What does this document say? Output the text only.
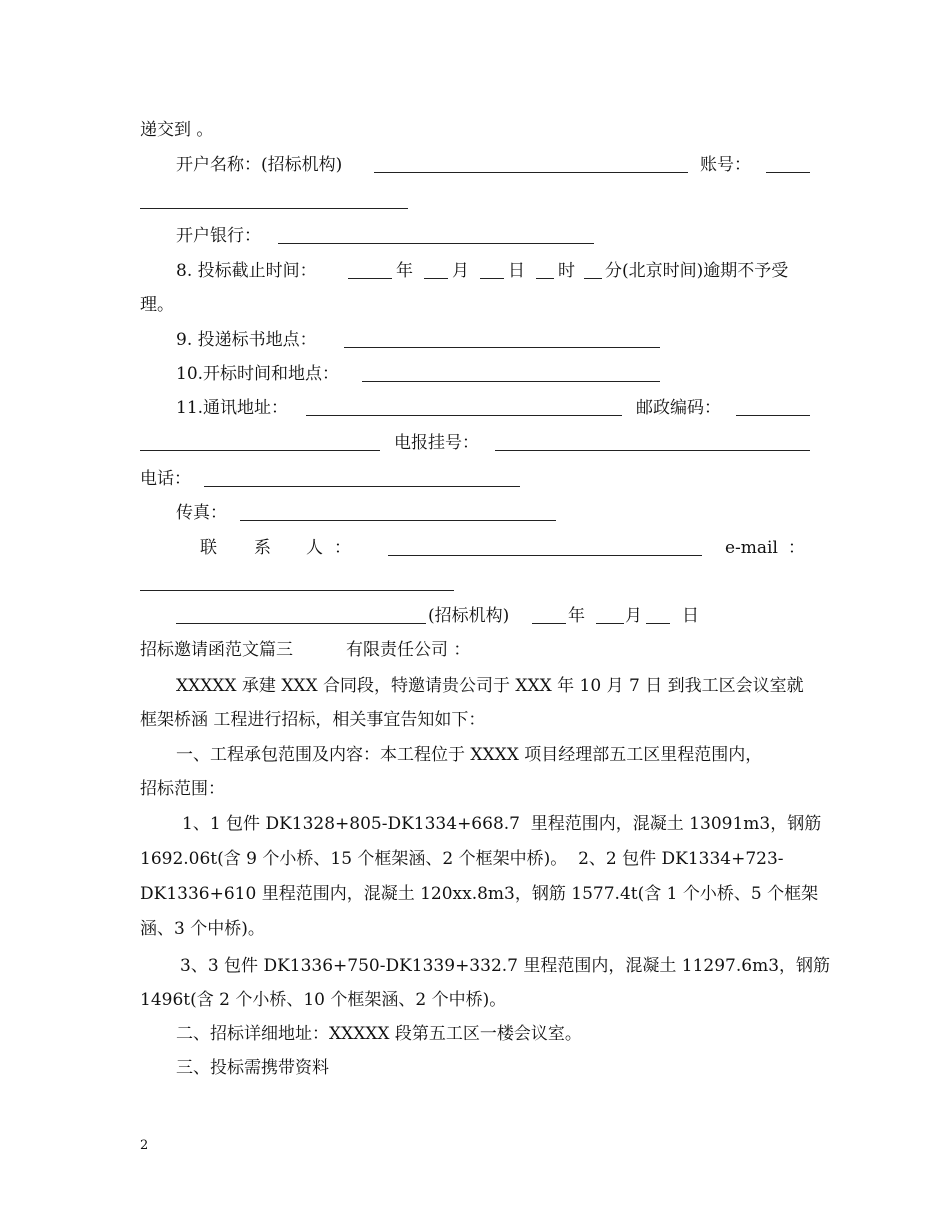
递交到 。
开户名称：(招标机构)	账号：
开户银行：
8. 投标截止时间：	年 月 日 时 分(北京时间)逾期不予受
理。
9. 投递标书地点：
10.开标时间和地点：
11.通讯地址：	邮政编码：
电报挂号：
电话：
传真：
联 系 人 ：	e-mail ：
(招标机构)	年 月 日
招标邀请函范文篇三	有限责任公司 ：
XXXXX 承建 XXX 合同段，特邀请贵公司于 XXX 年 10 月 7 日 到我工区会议室就
框架桥涵 工程进行招标，相关事宜告知如下：
一、工程承包范围及内容：本工程位于 XXXX 项目经理部五工区里程范围内，
招标范围：
1、1 包件 DK1328+805-DK1334+668.7  里程范围内，混凝土 13091m3，钢筋
1692.06t(含 9 个小桥、15 个框架涵、2 个框架中桥)。  2、2 包件 DK1334+723-
DK1336+610 里程范围内，混凝土 120xx.8m3，钢筋 1577.4t(含 1 个小桥、5 个框架
涵、3 个中桥)。
3、3 包件 DK1336+750-DK1339+332.7 里程范围内，混凝土 11297.6m3，钢筋
1496t(含 2 个小桥、10 个框架涵、2 个中桥)。
二、招标详细地址：XXXXX 段第五工区一楼会议室。
三、投标需携带资料
2
